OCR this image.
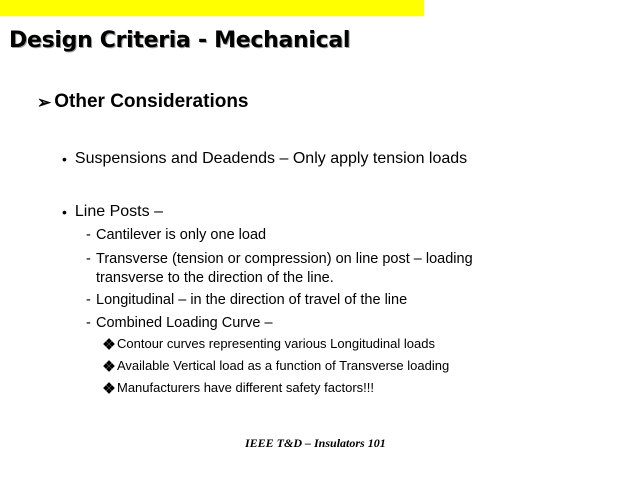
Design Criteria - Mechanical
➢ Other Considerations
• Suspensions and Deadends – Only apply tension loads
• Line Posts –
- Cantilever is only one load
- Transverse (tension or compression) on line post – loading transverse to the direction of the line.
- Longitudinal – in the direction of travel of the line
- Combined Loading Curve –
Contour curves representing various Longitudinal loads
Available Vertical load as a function of Transverse loading
Manufacturers have different safety factors!!!
IEEE T&D – Insulators 101
